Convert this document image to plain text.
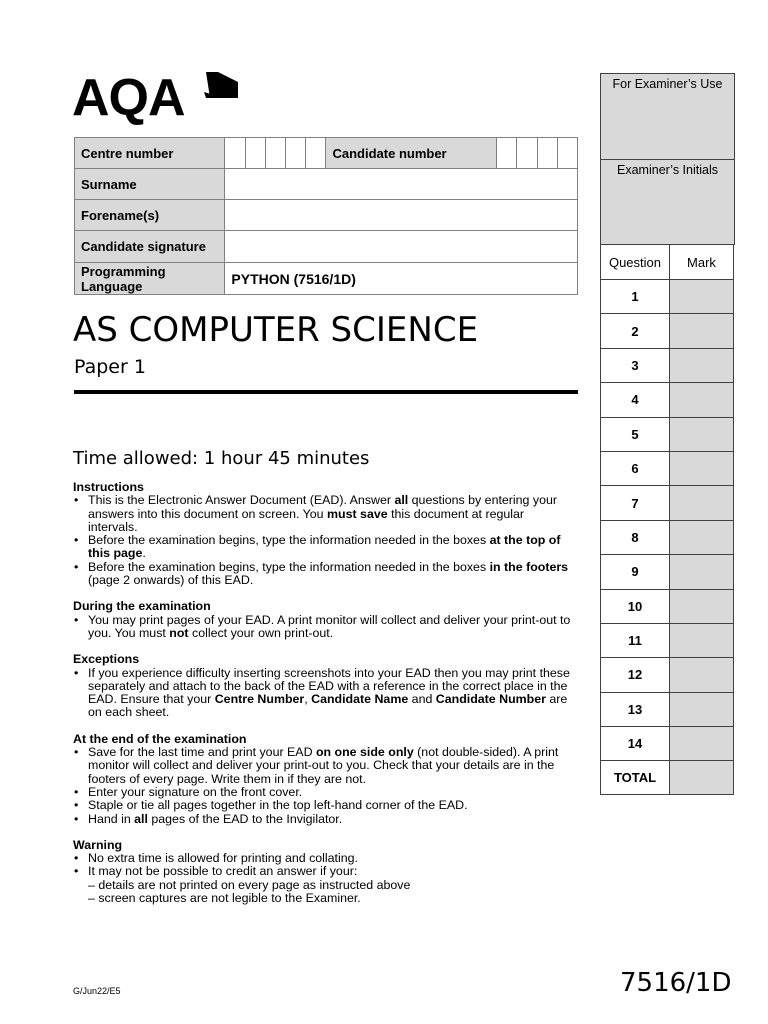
AQA
Centre number						Candidate number				
Surname										
Forename(s)										
Candidate signature										
Programming Language	PYTHON (7516/1D)									
AS COMPUTER SCIENCE
Paper 1
Time allowed: 1 hour 45 minutes

Instructions

• This is the Electronic Answer Document (EAD). Answer all questions by entering your answers into this document on screen. You must save this document at regular intervals.
• Before the examination begins, type the information needed in the boxes at the top of this page.
• Before the examination begins, type the information needed in the boxes in the footers (page 2 onwards) of this EAD.

During the examination

• You may print pages of your EAD. A print monitor will collect and deliver your print-out to you. You must not collect your own print-out.

Exceptions

• If you experience difficulty inserting screenshots into your EAD then you may print these separately and attach to the back of the EAD with a reference in the correct place in the EAD. Ensure that your Centre Number, Candidate Name and Candidate Number are on each sheet.

At the end of the examination

• Save for the last time and print your EAD on one side only (not double-sided). A print monitor will collect and deliver your print-out to you. Check that your details are in the footers of every page. Write them in if they are not.
• Enter your signature on the front cover.
• Staple or tie all pages together in the top left-hand corner of the EAD.
• Hand in all pages of the EAD to the Invigilator.

Warning

• No extra time is allowed for printing and collating.
• It may not be possible to credit an answer if your:
– details are not printed on every page as instructed above
– screen captures are not legible to the Examiner.
G/Jun22/E5	7516/1D
For Examiner’s Use
Examiner’s Initials
Question	Mark
1
2
3
4
5
6
7
8
9
10
11
12
13
14
TOTAL
